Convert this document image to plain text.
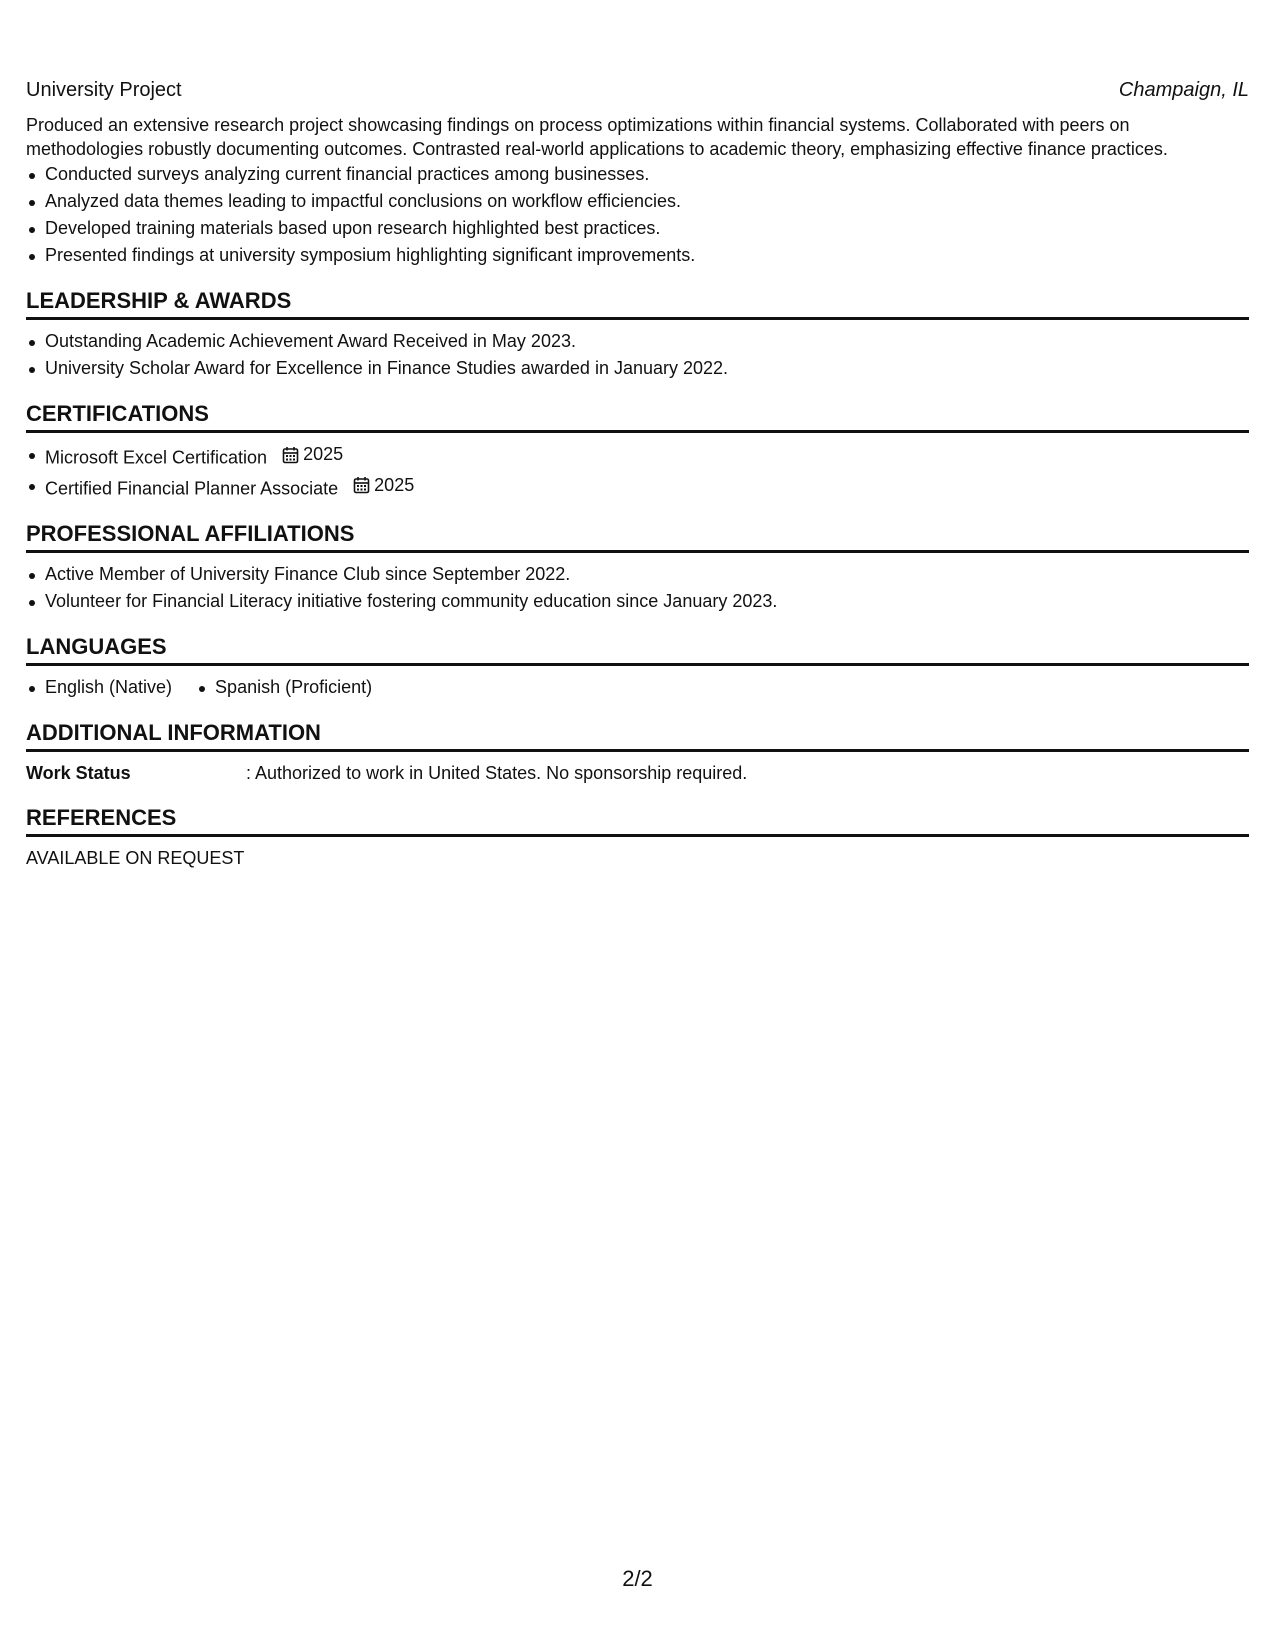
University Project	Champaign, IL
Produced an extensive research project showcasing findings on process optimizations within financial systems. Collaborated with peers on methodologies robustly documenting outcomes. Contrasted real-world applications to academic theory, emphasizing effective finance practices.
Conducted surveys analyzing current financial practices among businesses.
Analyzed data themes leading to impactful conclusions on workflow efficiencies.
Developed training materials based upon research highlighted best practices.
Presented findings at university symposium highlighting significant improvements.
LEADERSHIP & AWARDS
Outstanding Academic Achievement Award Received in May 2023.
University Scholar Award for Excellence in Finance Studies awarded in January 2022.
CERTIFICATIONS
Microsoft Excel Certification 2025
Certified Financial Planner Associate 2025
PROFESSIONAL AFFILIATIONS
Active Member of University Finance Club since September 2022.
Volunteer for Financial Literacy initiative fostering community education since January 2023.
LANGUAGES
English (Native) Spanish (Proficient)
ADDITIONAL INFORMATION
Work Status	: Authorized to work in United States. No sponsorship required.
REFERENCES
AVAILABLE ON REQUEST
2/2
